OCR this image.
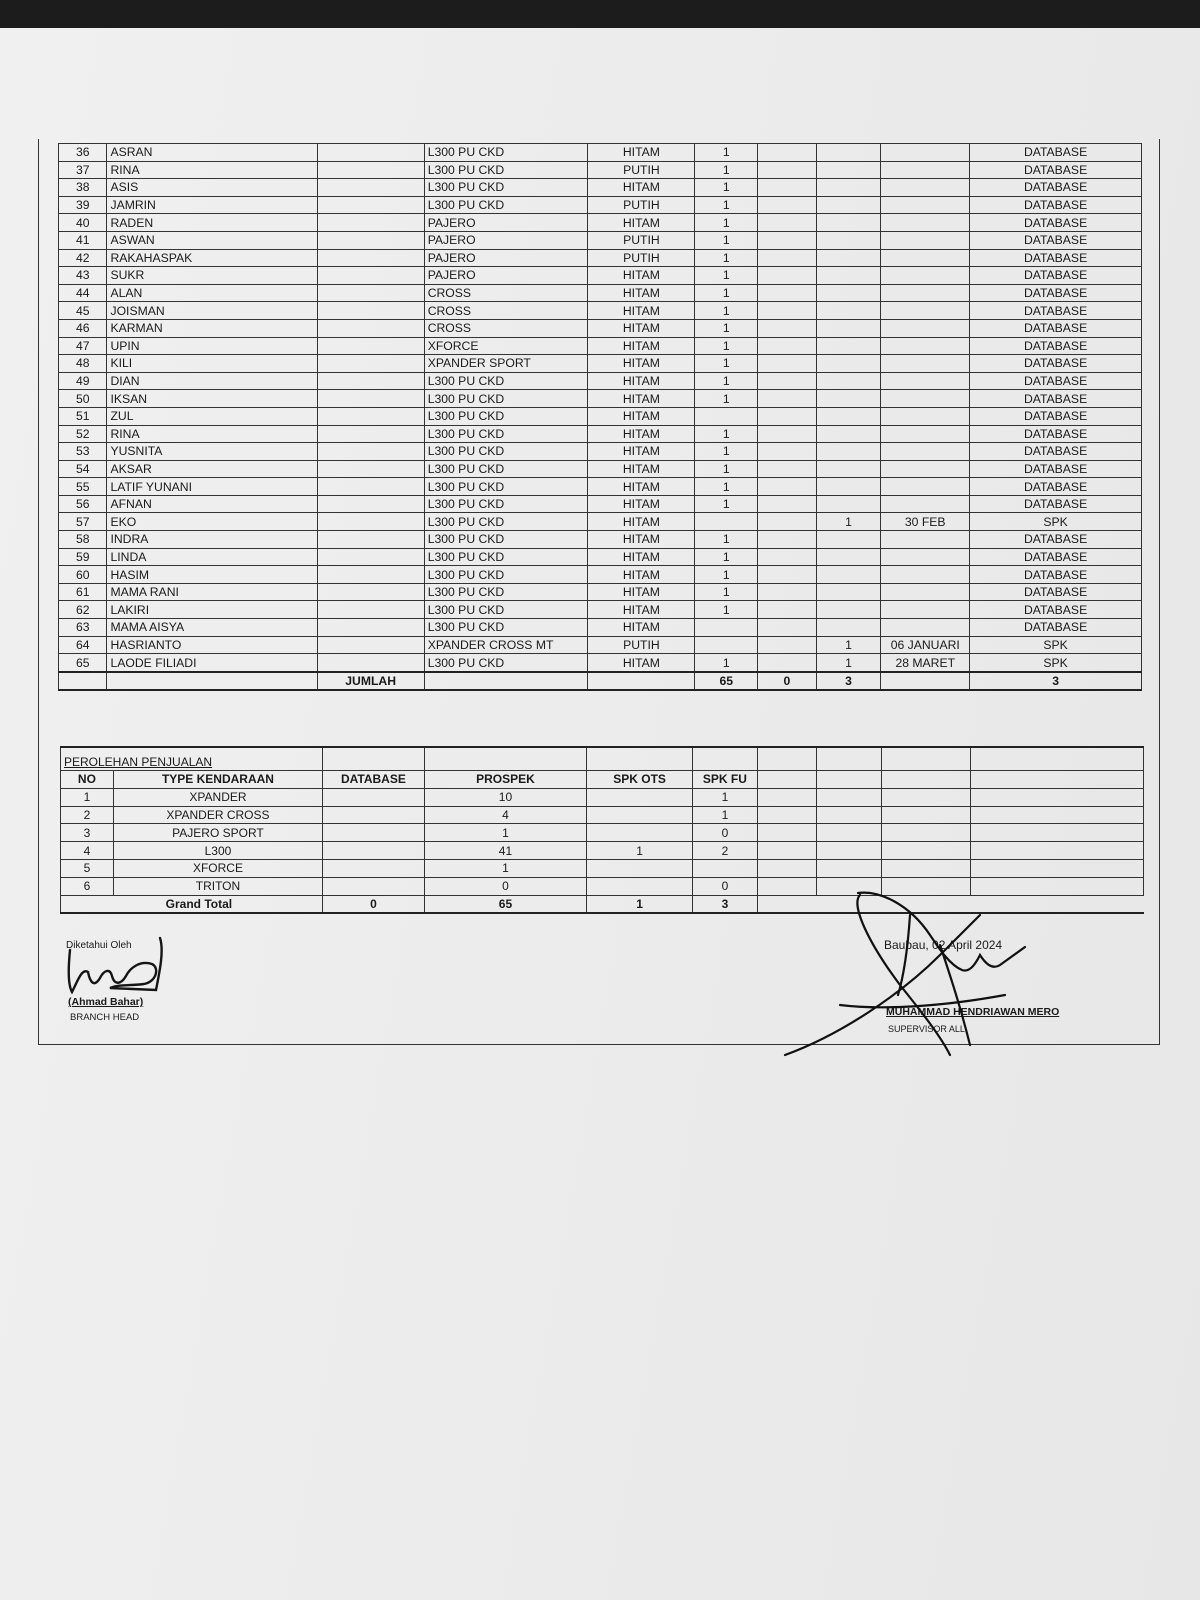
36	ASRAN		L300 PU CKD	HITAM	1				DATABASE
37	RINA		L300 PU CKD	PUTIH	1				DATABASE
38	ASIS		L300 PU CKD	HITAM	1				DATABASE
39	JAMRIN		L300 PU CKD	PUTIH	1				DATABASE
40	RADEN		PAJERO	HITAM	1				DATABASE
41	ASWAN		PAJERO	PUTIH	1				DATABASE
42	RAKAHASPAK		PAJERO	PUTIH	1				DATABASE
43	SUKR		PAJERO	HITAM	1				DATABASE
44	ALAN		CROSS	HITAM	1				DATABASE
45	JOISMAN		CROSS	HITAM	1				DATABASE
46	KARMAN		CROSS	HITAM	1				DATABASE
47	UPIN		XFORCE	HITAM	1				DATABASE
48	KILI		XPANDER SPORT	HITAM	1				DATABASE
49	DIAN		L300 PU CKD	HITAM	1				DATABASE
50	IKSAN		L300 PU CKD	HITAM	1				DATABASE
51	ZUL		L300 PU CKD	HITAM					DATABASE
52	RINA		L300 PU CKD	HITAM	1				DATABASE
53	YUSNITA		L300 PU CKD	HITAM	1				DATABASE
54	AKSAR		L300 PU CKD	HITAM	1				DATABASE
55	LATIF YUNANI		L300 PU CKD	HITAM	1				DATABASE
56	AFNAN		L300 PU CKD	HITAM	1				DATABASE
57	EKO		L300 PU CKD	HITAM			1	30 FEB	SPK
58	INDRA		L300 PU CKD	HITAM	1				DATABASE
59	LINDA		L300 PU CKD	HITAM	1				DATABASE
60	HASIM		L300 PU CKD	HITAM	1				DATABASE
61	MAMA RANI		L300 PU CKD	HITAM	1				DATABASE
62	LAKIRI		L300 PU CKD	HITAM	1				DATABASE
63	MAMA AISYA		L300 PU CKD	HITAM					DATABASE
64	HASRIANTO		XPANDER CROSS MT	PUTIH			1	06 JANUARI	SPK
65	LAODE FILIADI		L300 PU CKD	HITAM	1		1	28 MARET	SPK
		JUMLAH			65	0	3		3
PEROLEHAN PENJUALAN									
NO	TYPE KENDARAAN	DATABASE	PROSPEK	SPK OTS	SPK FU				
1	XPANDER		10		1				
2	XPANDER CROSS		4		1				
3	PAJERO SPORT		1		0				
4	L300		41	1	2				
5	XFORCE		1						
6	TRITON		0		0				
Grand Total		0	65	1	3				
Diketahui Oleh
(Ahmad Bahar)
BRANCH HEAD
Baubau, 02 April 2024
MUHAMMAD HENDRIAWAN MERO
SUPERVISOR ALL
